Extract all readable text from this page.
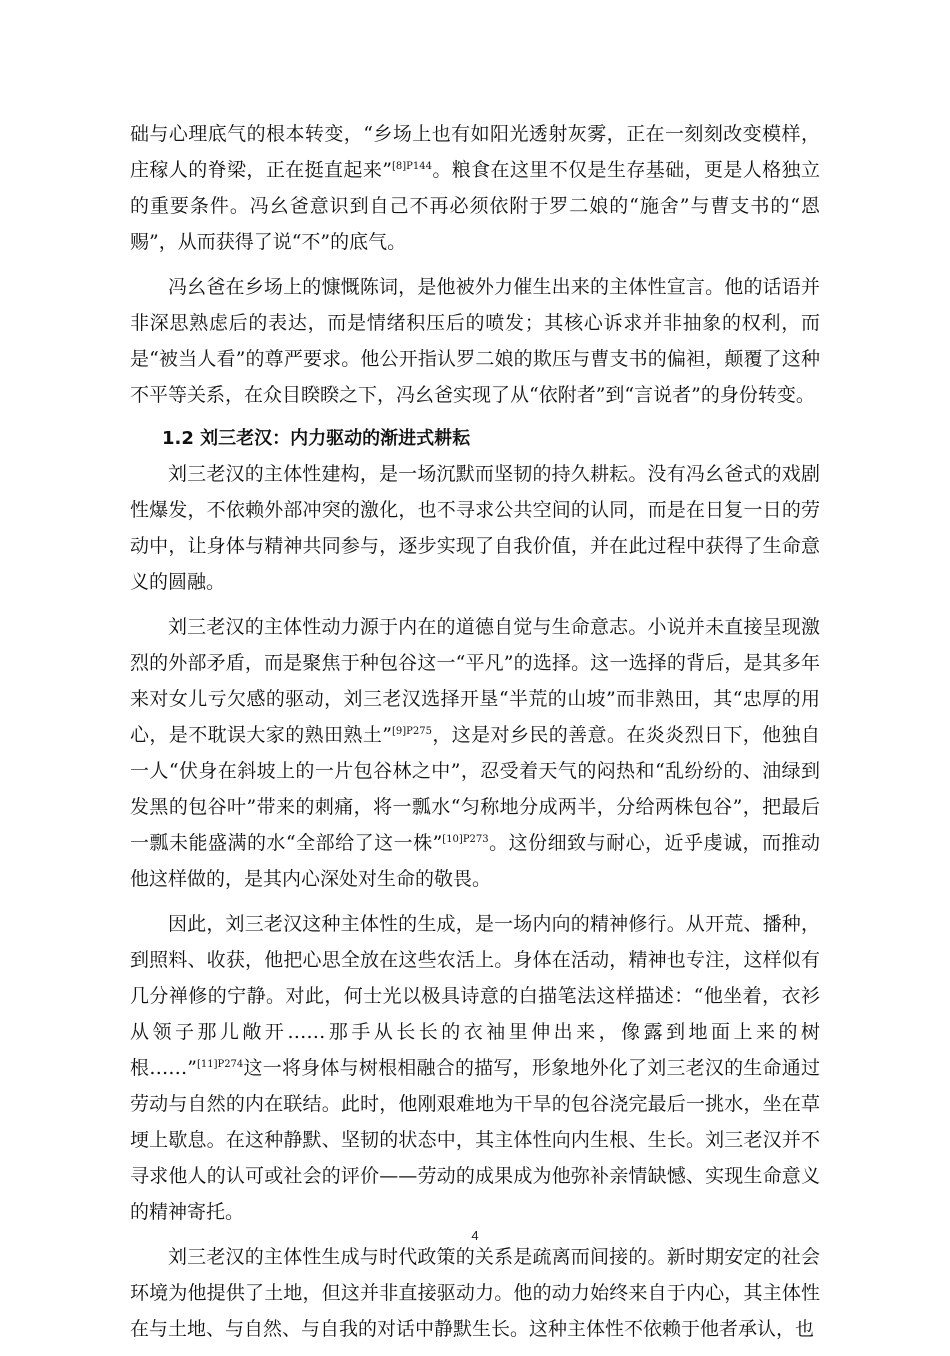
础与心理底气的根本转变，“乡场上也有如阳光透射灰雾，正在一刻刻改变模样，庄稼人的脊梁，正在挺直起来”$^{[8]P144}$。粮食在这里不仅是生存基础，更是人格独立的重要条件。冯幺爸意识到自己不再必须依附于罗二娘的“施舍”与曹支书的“恩赐”，从而获得了说“不”的底气。

冯幺爸在乡场上的慷慨陈词，是他被外力催生出来的主体性宣言。他的话语并非深思熟虑后的表达，而是情绪积压后的喷发；其核心诉求并非抽象的权利，而是“被当人看”的尊严要求。他公开指认罗二娘的欺压与曹支书的偏袒，颠覆了这种不平等关系，在众目睽睽之下，冯幺爸实现了从“依附者”到“言说者”的身份转变。

1.2 刘三老汉：内力驱动的渐进式耕耘

刘三老汉的主体性建构，是一场沉默而坚韧的持久耕耘。没有冯幺爸式的戏剧性爆发，不依赖外部冲突的激化，也不寻求公共空间的认同，而是在日复一日的劳动中，让身体与精神共同参与，逐步实现了自我价值，并在此过程中获得了生命意义的圆融。

刘三老汉的主体性动力源于内在的道德自觉与生命意志。小说并未直接呈现激烈的外部矛盾，而是聚焦于种包谷这一“平凡”的选择。这一选择的背后，是其多年来对女儿亏欠感的驱动，刘三老汉选择开垦“半荒的山坡”而非熟田，其“忠厚的用心，是不耽误大家的熟田熟土”$^{[9]P275}$，这是对乡民的善意。在炎炎烈日下，他独自一人“伏身在斜坡上的一片包谷林之中”，忍受着天气的闷热和“乱纷纷的、油绿到发黑的包谷叶”带来的刺痛，将一瓢水“匀称地分成两半，分给两株包谷”，把最后一瓢未能盛满的水“全部给了这一株”$^{[10]P273}$。这份细致与耐心，近乎虔诚，而推动他这样做的，是其内心深处对生命的敬畏。

因此，刘三老汉这种主体性的生成，是一场内向的精神修行。从开荒、播种，到照料、收获，他把心思全放在这些农活上。身体在活动，精神也专注，这样似有几分禅修的宁静。对此，何士光以极具诗意的白描笔法这样描述：“他坐着，衣衫从领子那儿敞开……那手从长长的衣袖里伸出来，像露到地面上来的树根……”$^{[11]P274}$这一将身体与树根相融合的描写，形象地外化了刘三老汉的生命通过劳动与自然的内在联结。此时，他刚艰难地为干旱的包谷浇完最后一挑水，坐在草埂上歇息。在这种静默、坚韧的状态中，其主体性向内生根、生长。刘三老汉并不寻求他人的认可或社会的评价——劳动的成果成为他弥补亲情缺憾、实现生命意义的精神寄托。

刘三老汉的主体性生成与时代政策的关系是疏离而间接的。新时期安定的社会环境为他提供了土地，但这并非直接驱动力。他的动力始终来自于内心，其主体性在与土地、与自然、与自我的对话中静默生长。这种主体性不依赖于他者承认，也

4
